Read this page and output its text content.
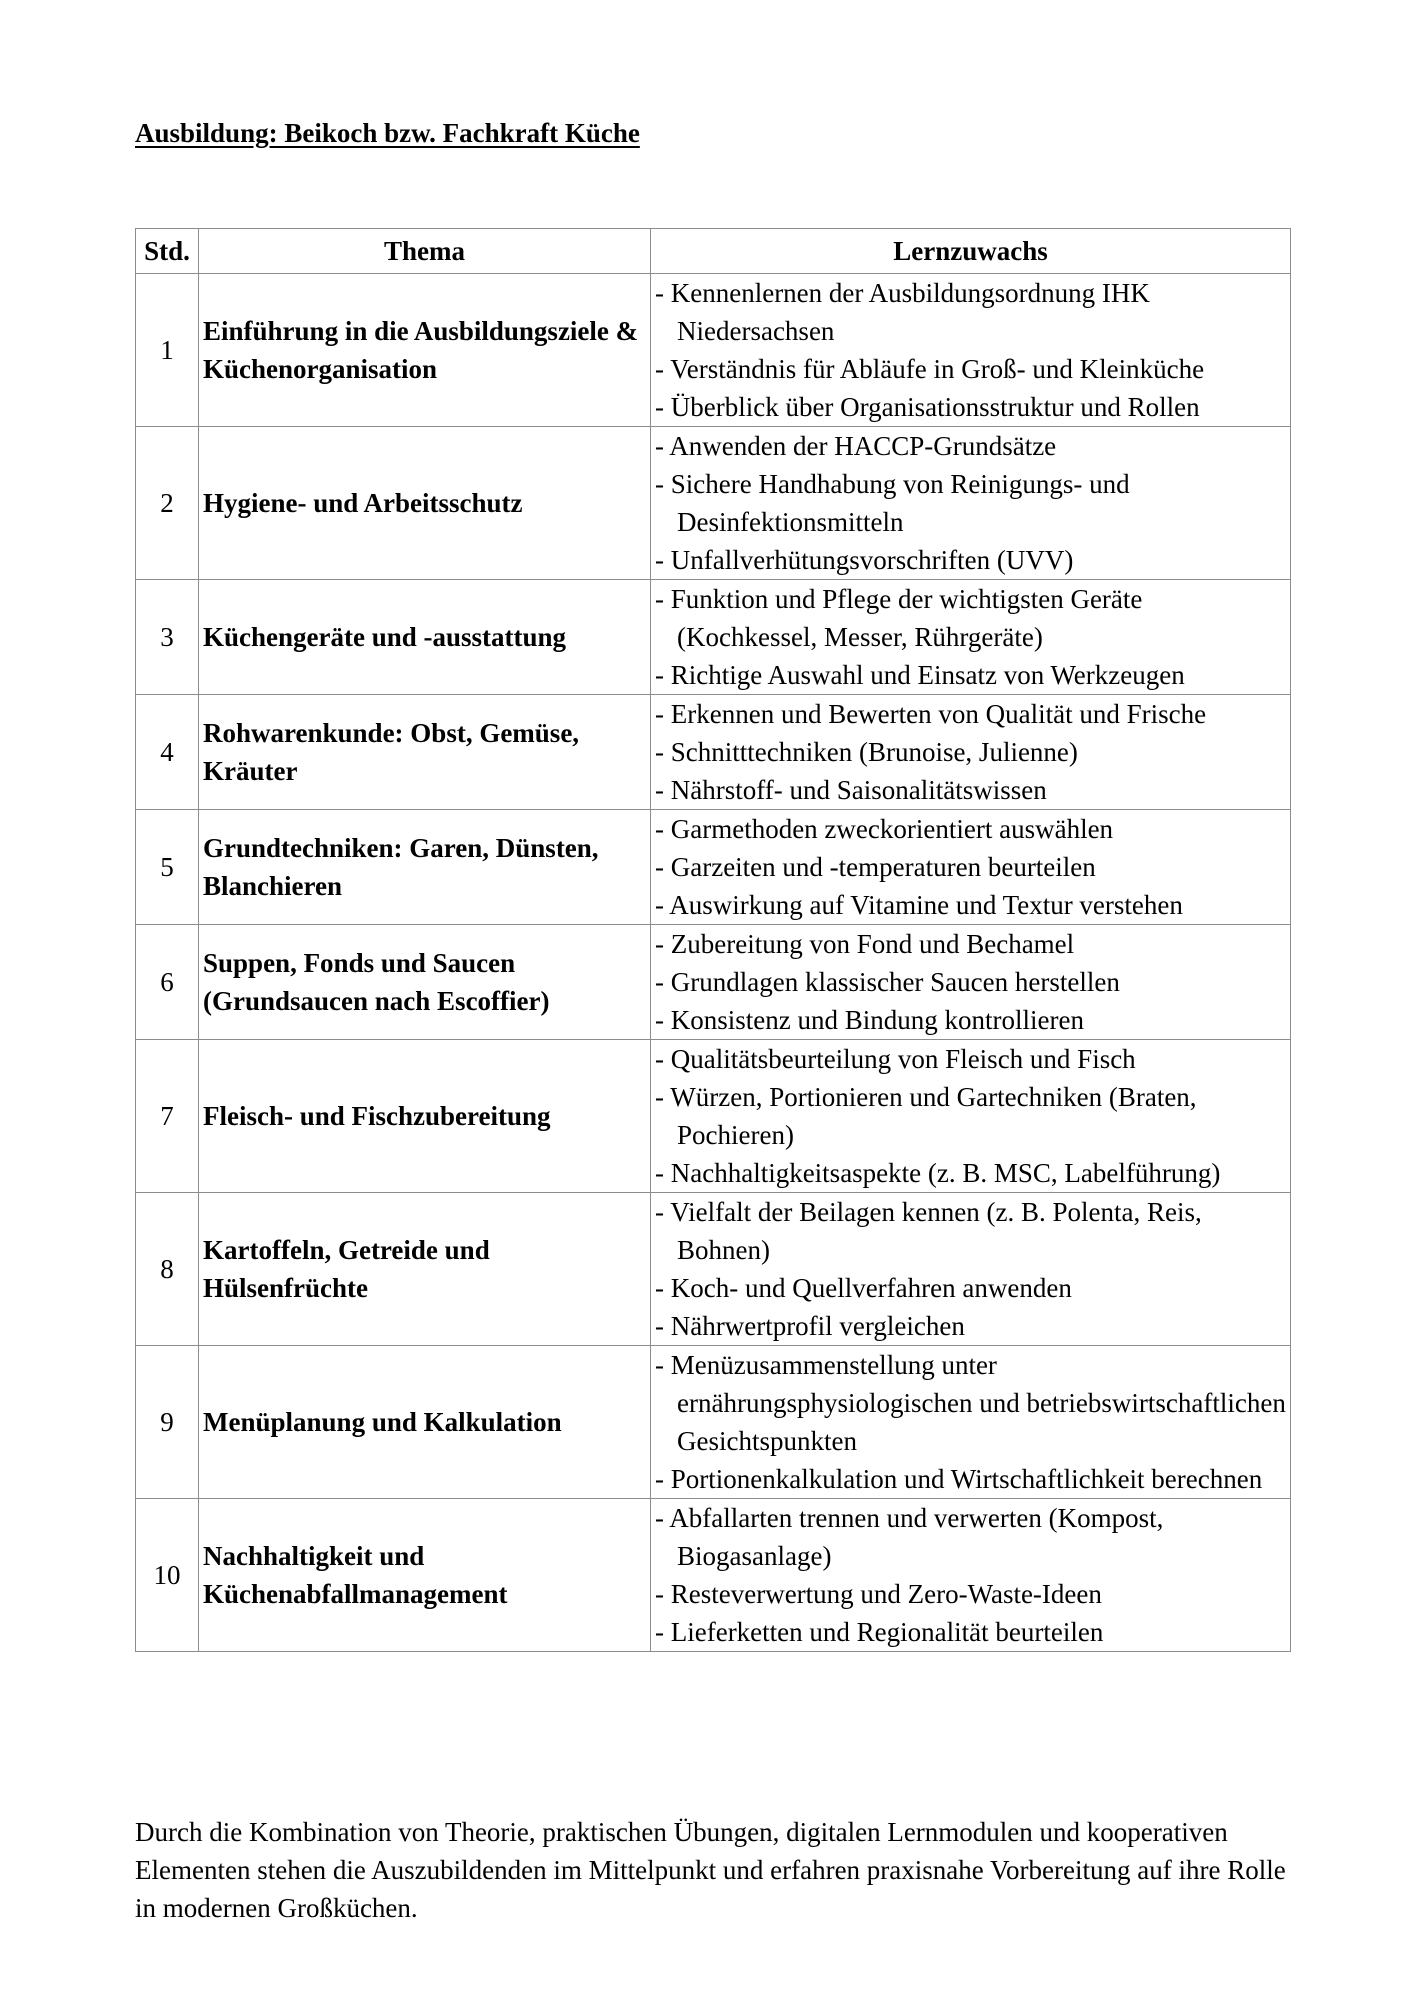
Ausbildung: Beikoch bzw. Fachkraft Küche
Std.	Thema	Lernzuwachs
1	Einführung in die Ausbildungsziele & Küchenorganisation	- Kennenlernen der Ausbildungsordnung IHK Niedersachsen
- Verständnis für Abläufe in Groß- und Kleinküche
- Überblick über Organisationsstruktur und Rollen

2	Hygiene- und Arbeitsschutz	- Anwenden der HACCP-Grundsätze
- Sichere Handhabung von Reinigungs- und Desinfektionsmitteln
- Unfallverhütungsvorschriften (UVV)

3	Küchengeräte und -ausstattung	- Funktion und Pflege der wichtigsten Geräte (Kochkessel, Messer, Rührgeräte)
- Richtige Auswahl und Einsatz von Werkzeugen

4	Rohwarenkunde: Obst, Gemüse, Kräuter	- Erkennen und Bewerten von Qualität und Frische
- Schnitttechniken (Brunoise, Julienne)
- Nährstoff- und Saisonalitätswissen

5	Grundtechniken: Garen, Dünsten, Blanchieren	- Garmethoden zweckorientiert auswählen
- Garzeiten und -temperaturen beurteilen
- Auswirkung auf Vitamine und Textur verstehen

6	Suppen, Fonds und Saucen (Grundsaucen nach Escoffier)	- Zubereitung von Fond und Bechamel
- Grundlagen klassischer Saucen herstellen
- Konsistenz und Bindung kontrollieren

7	Fleisch- und Fischzubereitung	- Qualitätsbeurteilung von Fleisch und Fisch
- Würzen, Portionieren und Gartechniken (Braten, Pochieren)
- Nachhaltigkeitsaspekte (z. B. MSC, Labelführung)

8	Kartoffeln, Getreide und Hülsenfrüchte	- Vielfalt der Beilagen kennen (z. B. Polenta, Reis, Bohnen)
- Koch- und Quellverfahren anwenden
- Nährwertprofil vergleichen

9	Menüplanung und Kalkulation	- Menüzusammenstellung unter ernährungsphysiologischen und betriebswirtschaftlichen Gesichtspunkten
- Portionenkalkulation und Wirtschaftlichkeit berechnen

10	Nachhaltigkeit und Küchenabfallmanagement	- Abfallarten trennen und verwerten (Kompost, Biogasanlage)
- Resteverwertung und Zero-Waste-Ideen
- Lieferketten und Regionalität beurteilen
Durch die Kombination von Theorie, praktischen Übungen, digitalen Lernmodulen und kooperativen Elementen stehen die Auszubildenden im Mittelpunkt und erfahren praxisnahe Vorbereitung auf ihre Rolle in modernen Großküchen.
